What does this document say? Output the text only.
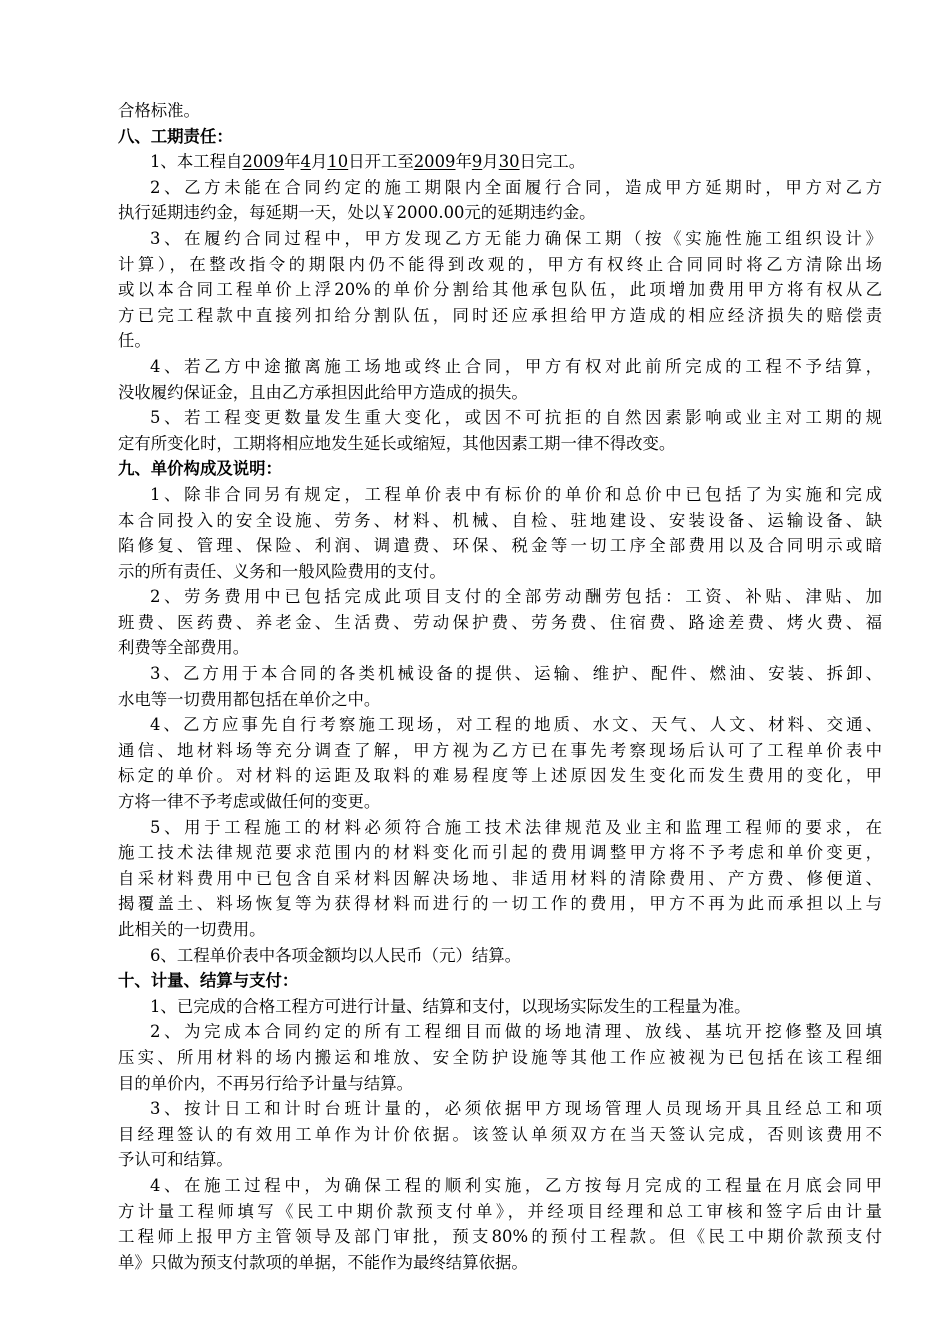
合格标准。
八、工期责任：
1、本工程自2009年4月10日开工至2009年9月30日完工。
2、乙方未能在合同约定的施工期限内全面履行合同，造成甲方延期时，甲方对乙方
执行延期违约金，每延期一天，处以￥2000.00元的延期违约金。
3、在履约合同过程中，甲方发现乙方无能力确保工期（按《实施性施工组织设计》
计算），在整改指令的期限内仍不能得到改观的，甲方有权终止合同同时将乙方清除出场
或以本合同工程单价上浮20%的单价分割给其他承包队伍，此项增加费用甲方将有权从乙
方已完工程款中直接列扣给分割队伍，同时还应承担给甲方造成的相应经济损失的赔偿责
任。
4、若乙方中途撤离施工场地或终止合同，甲方有权对此前所完成的工程不予结算，
没收履约保证金，且由乙方承担因此给甲方造成的损失。
5、若工程变更数量发生重大变化，或因不可抗拒的自然因素影响或业主对工期的规
定有所变化时，工期将相应地发生延长或缩短，其他因素工期一律不得改变。
九、单价构成及说明：
1、除非合同另有规定，工程单价表中有标价的单价和总价中已包括了为实施和完成
本合同投入的安全设施、劳务、材料、机械、自检、驻地建设、安装设备、运输设备、缺
陷修复、管理、保险、利润、调遣费、环保、税金等一切工序全部费用以及合同明示或暗
示的所有责任、义务和一般风险费用的支付。
2、劳务费用中已包括完成此项目支付的全部劳动酬劳包括：工资、补贴、津贴、加
班费、医药费、养老金、生活费、劳动保护费、劳务费、住宿费、路途差费、烤火费、福
利费等全部费用。
3、乙方用于本合同的各类机械设备的提供、运输、维护、配件、燃油、安装、拆卸、
水电等一切费用都包括在单价之中。
4、乙方应事先自行考察施工现场，对工程的地质、水文、天气、人文、材料、交通、
通信、地材料场等充分调查了解，甲方视为乙方已在事先考察现场后认可了工程单价表中
标定的单价。对材料的运距及取料的难易程度等上述原因发生变化而发生费用的变化，甲
方将一律不予考虑或做任何的变更。
5、用于工程施工的材料必须符合施工技术法律规范及业主和监理工程师的要求，在
施工技术法律规范要求范围内的材料变化而引起的费用调整甲方将不予考虑和单价变更，
自采材料费用中已包含自采材料因解决场地、非适用材料的清除费用、产方费、修便道、
揭覆盖土、料场恢复等为获得材料而进行的一切工作的费用，甲方不再为此而承担以上与
此相关的一切费用。
6、工程单价表中各项金额均以人民币（元）结算。
十、计量、结算与支付：
1、已完成的合格工程方可进行计量、结算和支付，以现场实际发生的工程量为准。
2、为完成本合同约定的所有工程细目而做的场地清理、放线、基坑开挖修整及回填
压实、所用材料的场内搬运和堆放、安全防护设施等其他工作应被视为已包括在该工程细
目的单价内，不再另行给予计量与结算。
3、按计日工和计时台班计量的，必须依据甲方现场管理人员现场开具且经总工和项
目经理签认的有效用工单作为计价依据。该签认单须双方在当天签认完成，否则该费用不
予认可和结算。
4、在施工过程中，为确保工程的顺利实施，乙方按每月完成的工程量在月底会同甲
方计量工程师填写《民工中期价款预支付单》，并经项目经理和总工审核和签字后由计量
工程师上报甲方主管领导及部门审批，预支80%的预付工程款。但《民工中期价款预支付
单》只做为预支付款项的单据，不能作为最终结算依据。
